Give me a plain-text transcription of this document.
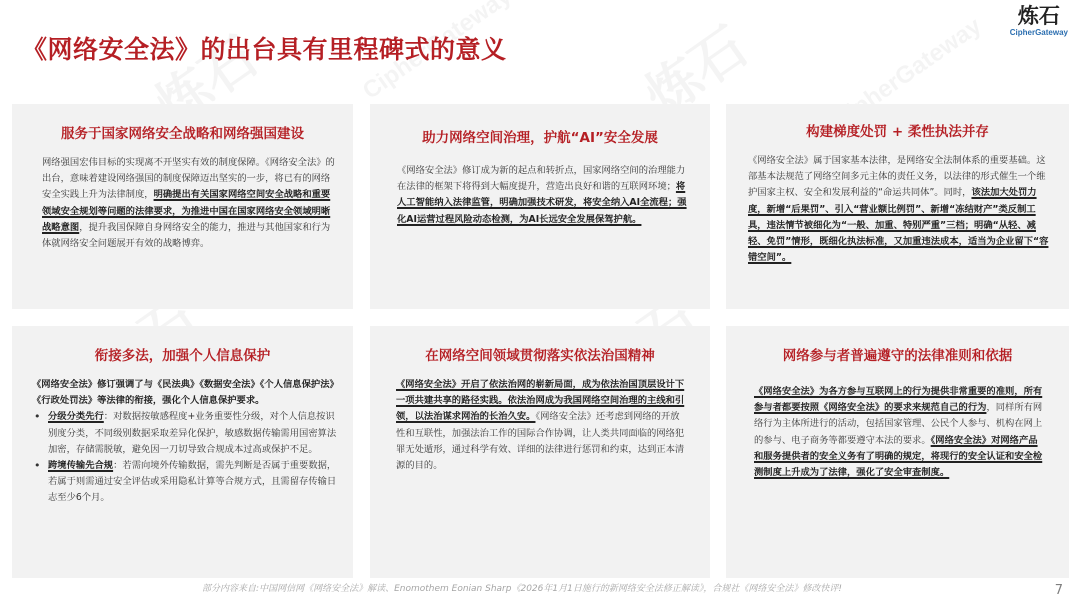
《网络安全法》的出台具有里程碑式的意义
炼石
CipherGateway
服务于国家网络安全战略和网络强国建设
网络强国宏伟目标的实现离不开坚实有效的制度保障。《网络安全法》的出台，意味着建设网络强国的制度保障迈出坚实的一步，将已有的网络安全实践上升为法律制度，明确提出有关国家网络空间安全战略和重要领域安全规划等问题的法律要求，为推进中国在国家网络安全领域明晰战略意图，提升我国保障自身网络安全的能力，推进与其他国家和行为体就网络安全问题展开有效的战略博弈。
助力网络空间治理，护航“AI”安全发展
《网络安全法》修订成为新的起点和转折点，国家网络空间的治理能力在法律的框架下将得到大幅度提升，营造出良好和谐的互联网环境；将人工智能纳入法律监管，明确加强技术研发，将安全纳入AI全流程；强化AI运营过程风险动态检测，为AI长远安全发展保驾护航。
构建梯度处罚 + 柔性执法并存
《网络安全法》属于国家基本法律，是网络安全法制体系的重要基础。这部基本法规范了网络空间多元主体的责任义务，以法律的形式催生一个维护国家主权、安全和发展利益的“命运共同体”。同时，该法加大处罚力度，新增“后果罚”、引入“营业额比例罚”、新增“冻结财产”类反制工具，违法情节被细化为“一般、加重、特别严重”三档；明确“从轻、减轻、免罚”情形，既细化执法标准，又加重违法成本，适当为企业留下“容错空间”。
衔接多法，加强个人信息保护
《网络安全法》修订强调了与《民法典》《数据安全法》《个人信息保护法》《行政处罚法》等法律的衔接，强化个人信息保护要求。
• 分级分类先行：对数据按敏感程度+业务重要性分级，对个人信息按识别度分类，不同级别数据采取差异化保护，敏感数据传输需用国密算法加密，存储需脱敏，避免因一刀切导致合规成本过高或保护不足。
• 跨境传输先合规：若需向境外传输数据，需先判断是否属于重要数据，若属于则需通过安全评估或采用隐私计算等合规方式，且需留存传输日志至少6个月。
在网络空间领域贯彻落实依法治国精神
《网络安全法》开启了依法治网的崭新局面，成为依法治国顶层设计下一项共建共享的路径实践。依法治网成为我国网络空间治理的主线和引领，以法治谋求网治的长治久安。《网络安全法》还考虑到网络的开放性和互联性，加强法治工作的国际合作协调，让人类共同面临的网络犯罪无处遁形，通过科学有效、详细的法律进行惩罚和约束，达到正本清源的目的。
网络参与者普遍遵守的法律准则和依据
《网络安全法》为各方参与互联网上的行为提供非常重要的准则，所有参与者都要按照《网络安全法》的要求来规范自己的行为，同样所有网络行为主体所进行的活动，包括国家管理、公民个人参与、机构在网上的参与、电子商务等都要遵守本法的要求。《网络安全法》对网络产品和服务提供者的安全义务有了明确的规定，将现行的安全认证和安全检测制度上升成为了法律，强化了安全审查制度。
部分内容来自:中国网信网《网络安全法》解读、Enomothem Eonian Sharp《2026年1月1日施行的新网络安全法修正解读》，合规社《网络安全法》修改快评!	7
